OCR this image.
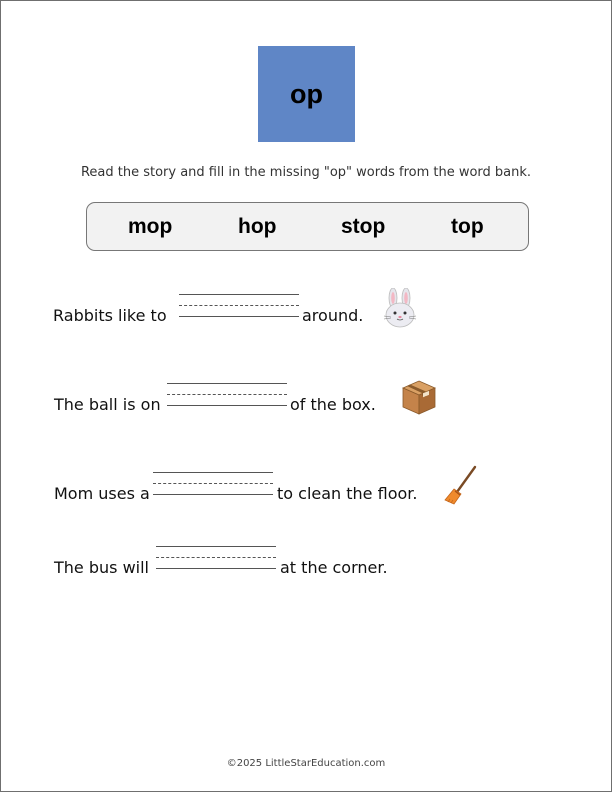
op
Read the story and fill in the missing "op" words from the word bank.
mop	hop	stop	top
Rabbits like to	around.
The ball is on	of the box.
Mom uses a	to clean the floor.
The bus will	at the corner.
©2025 LittleStarEducation.com
